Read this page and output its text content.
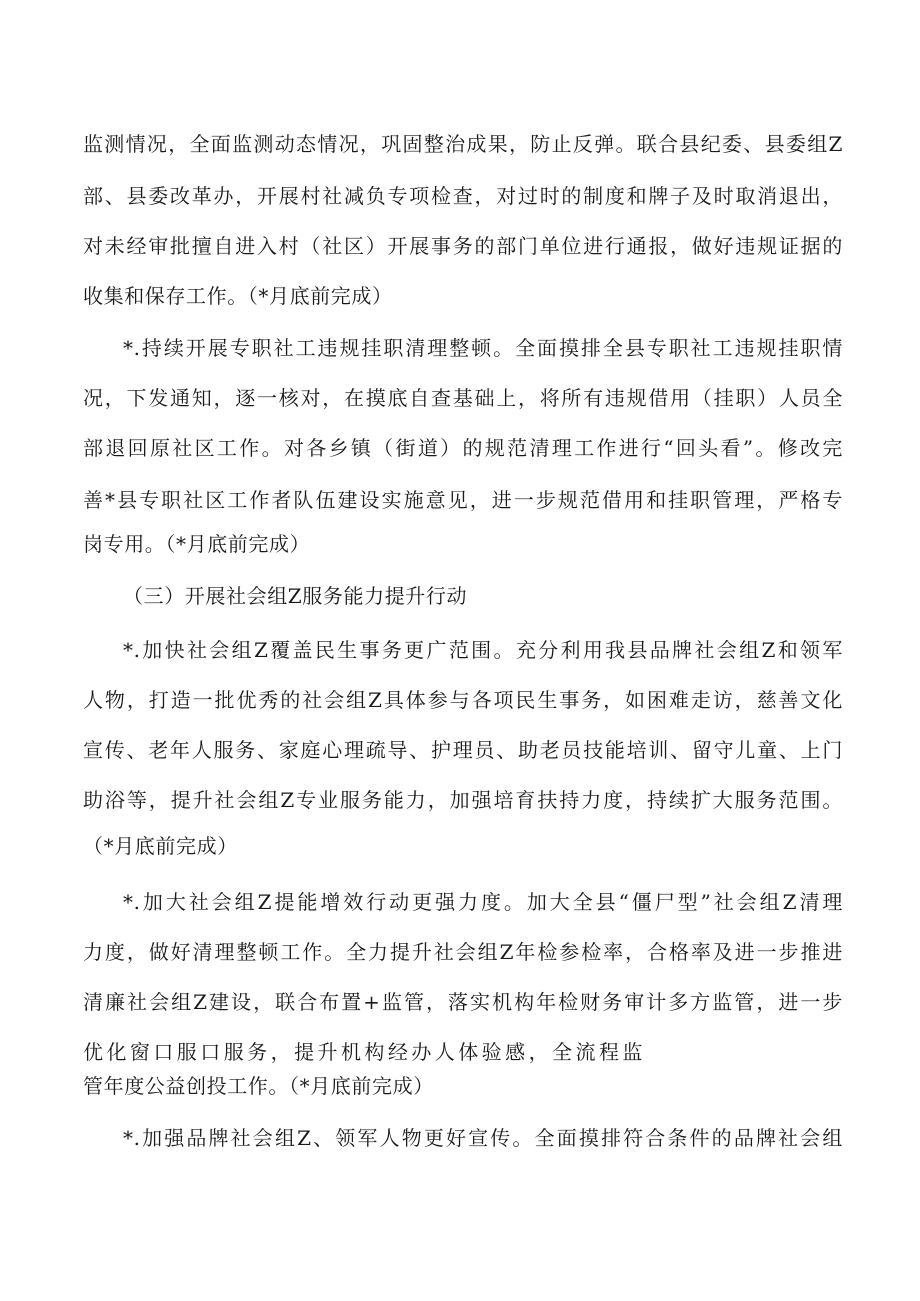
监测情况，全面监测动态情况，巩固整治成果，防止反弹。联合县纪委、县委组Z
部、县委改革办，开展村社减负专项检查，对过时的制度和牌子及时取消退出，
对未经审批擅自进入村（社区）开展事务的部门单位进行通报，做好违规证据的
收集和保存工作。（*月底前完成）
*.持续开展专职社工违规挂职清理整顿。全面摸排全县专职社工违规挂职情
况，下发通知，逐一核对，在摸底自查基础上，将所有违规借用（挂职）人员全
部退回原社区工作。对各乡镇（街道）的规范清理工作进行“回头看”。修改完
善*县专职社区工作者队伍建设实施意见，进一步规范借用和挂职管理，严格专
岗专用。（*月底前完成）
（三）开展社会组Z服务能力提升行动
*.加快社会组Z覆盖民生事务更广范围。充分利用我县品牌社会组Z和领军
人物，打造一批优秀的社会组Z具体参与各项民生事务，如困难走访，慈善文化
宣传、老年人服务、家庭心理疏导、护理员、助老员技能培训、留守儿童、上门
助浴等，提升社会组Z专业服务能力，加强培育扶持力度，持续扩大服务范围。
（*月底前完成）
*.加大社会组Z提能增效行动更强力度。加大全县“僵尸型”社会组Z清理
力度，做好清理整顿工作。全力提升社会组Z年检参检率，合格率及进一步推进
清廉社会组Z建设，联合布置+监管，落实机构年检财务审计多方监管，进一步
优化窗口服口服务，提升机构经办人体验感，全流程监
管年度公益创投工作。（*月底前完成）
*.加强品牌社会组Z、领军人物更好宣传。全面摸排符合条件的品牌社会组
